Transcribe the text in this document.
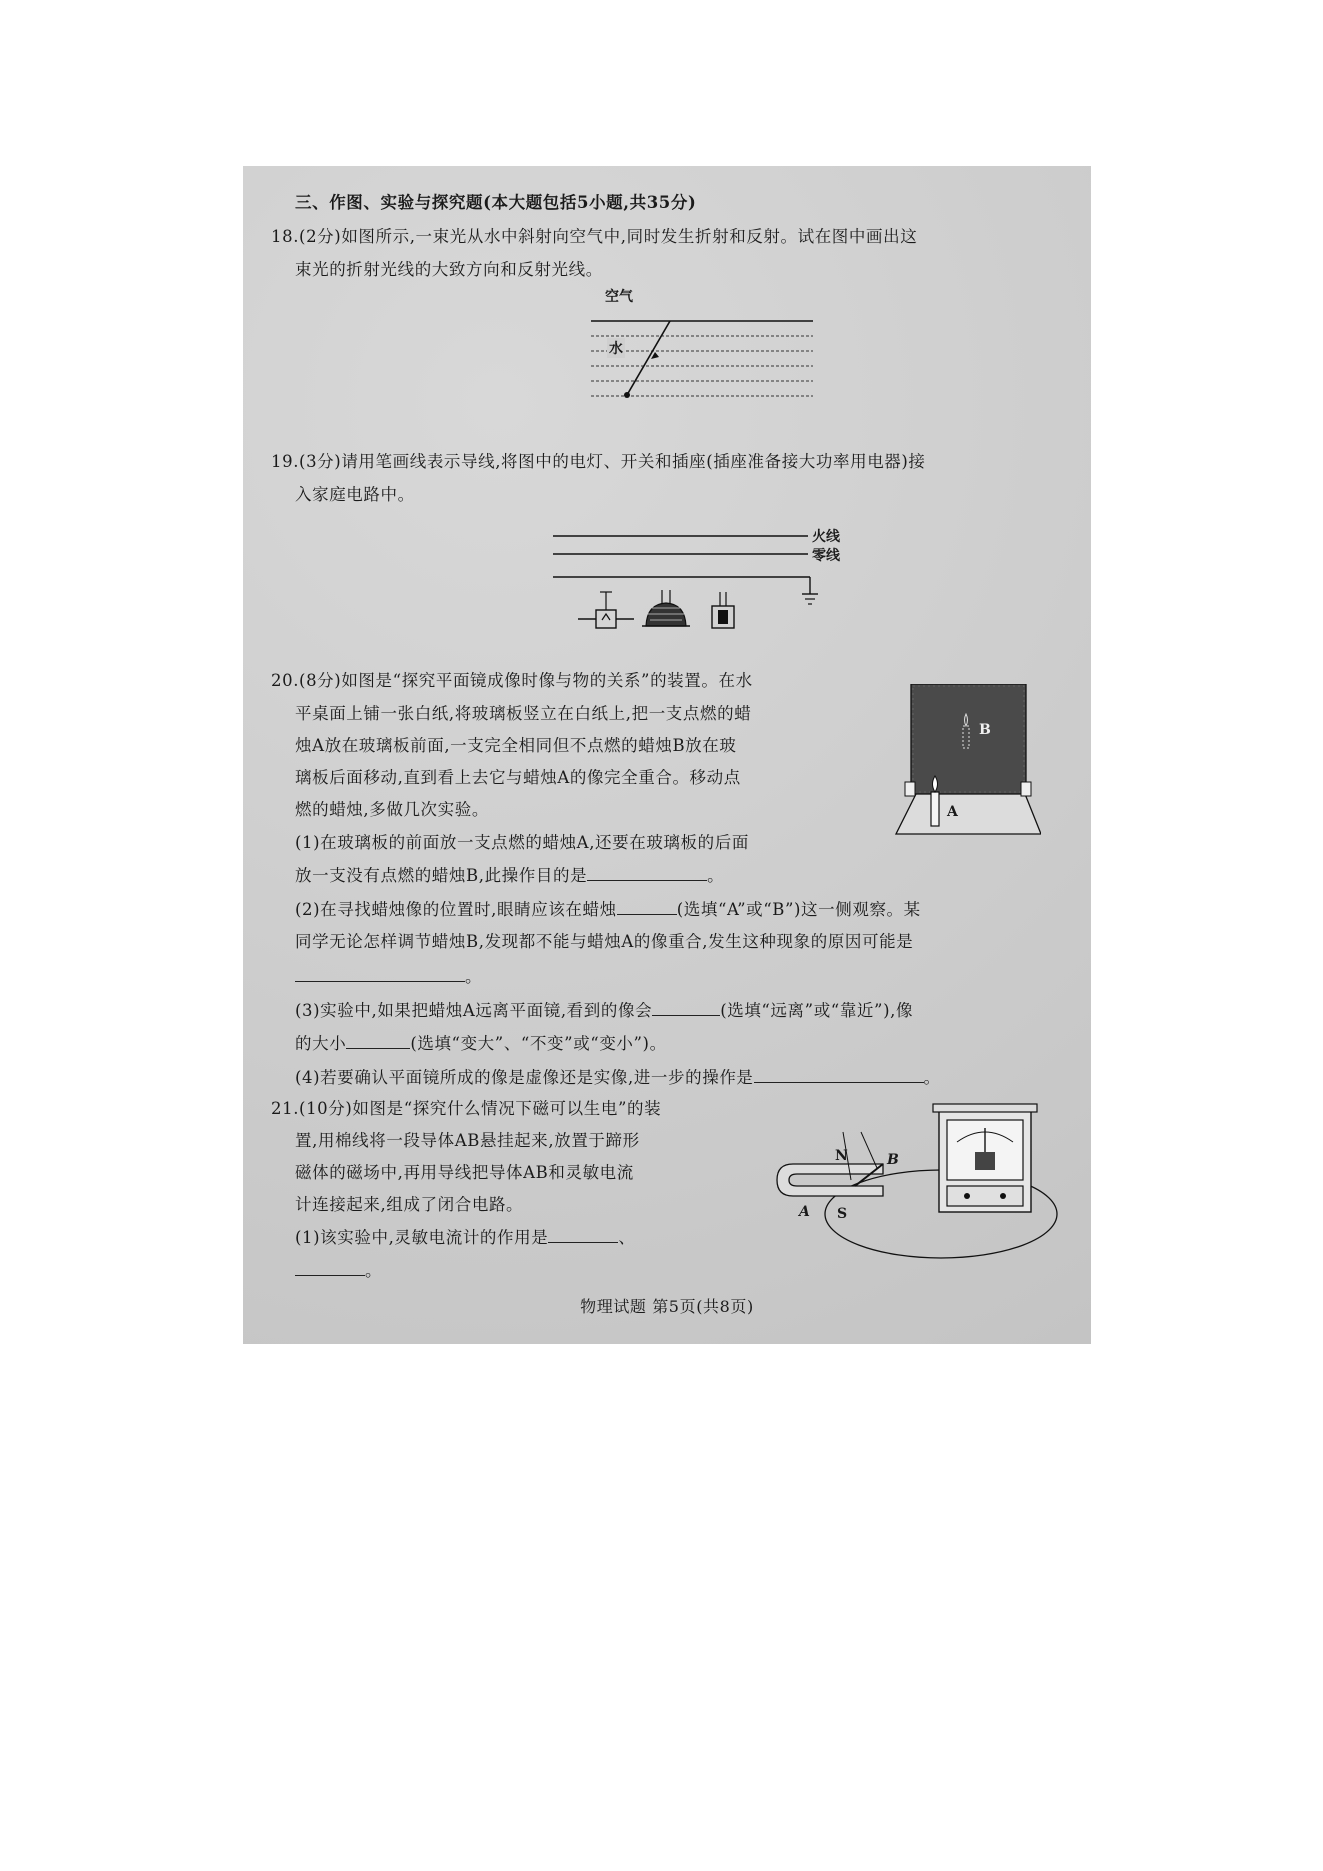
三、作图、实验与探究题(本大题包括5小题,共35分)
18.(2分)如图所示,一束光从水中斜射向空气中,同时发生折射和反射。试在图中画出这
束光的折射光线的大致方向和反射光线。
空气
水
19.(3分)请用笔画线表示导线,将图中的电灯、开关和插座(插座准备接大功率用电器)接
入家庭电路中。
火线
零线
20.(8分)如图是“探究平面镜成像时像与物的关系”的装置。在水
平桌面上铺一张白纸,将玻璃板竖立在白纸上,把一支点燃的蜡
烛A放在玻璃板前面,一支完全相同但不点燃的蜡烛B放在玻
璃板后面移动,直到看上去它与蜡烛A的像完全重合。移动点
燃的蜡烛,多做几次实验。
B
A
(1)在玻璃板的前面放一支点燃的蜡烛A,还要在玻璃板的后面
放一支没有点燃的蜡烛B,此操作目的是	。
(2)在寻找蜡烛像的位置时,眼睛应该在蜡烛	(选填“A”或“B”)这一侧观察。某
同学无论怎样调节蜡烛B,发现都不能与蜡烛A的像重合,发生这种现象的原因可能是
。
(3)实验中,如果把蜡烛A远离平面镜,看到的像会	(选填“远离”或“靠近”),像
的大小	(选填“变大”、“不变”或“变小”)。
(4)若要确认平面镜所成的像是虚像还是实像,进一步的操作是	。
21.(10分)如图是“探究什么情况下磁可以生电”的装
置,用棉线将一段导体AB悬挂起来,放置于蹄形
磁体的磁场中,再用导线把导体AB和灵敏电流
计连接起来,组成了闭合电路。
(1)该实验中,灵敏电流计的作用是	、
。
N
S
A
B
物理试题 第5页(共8页)
